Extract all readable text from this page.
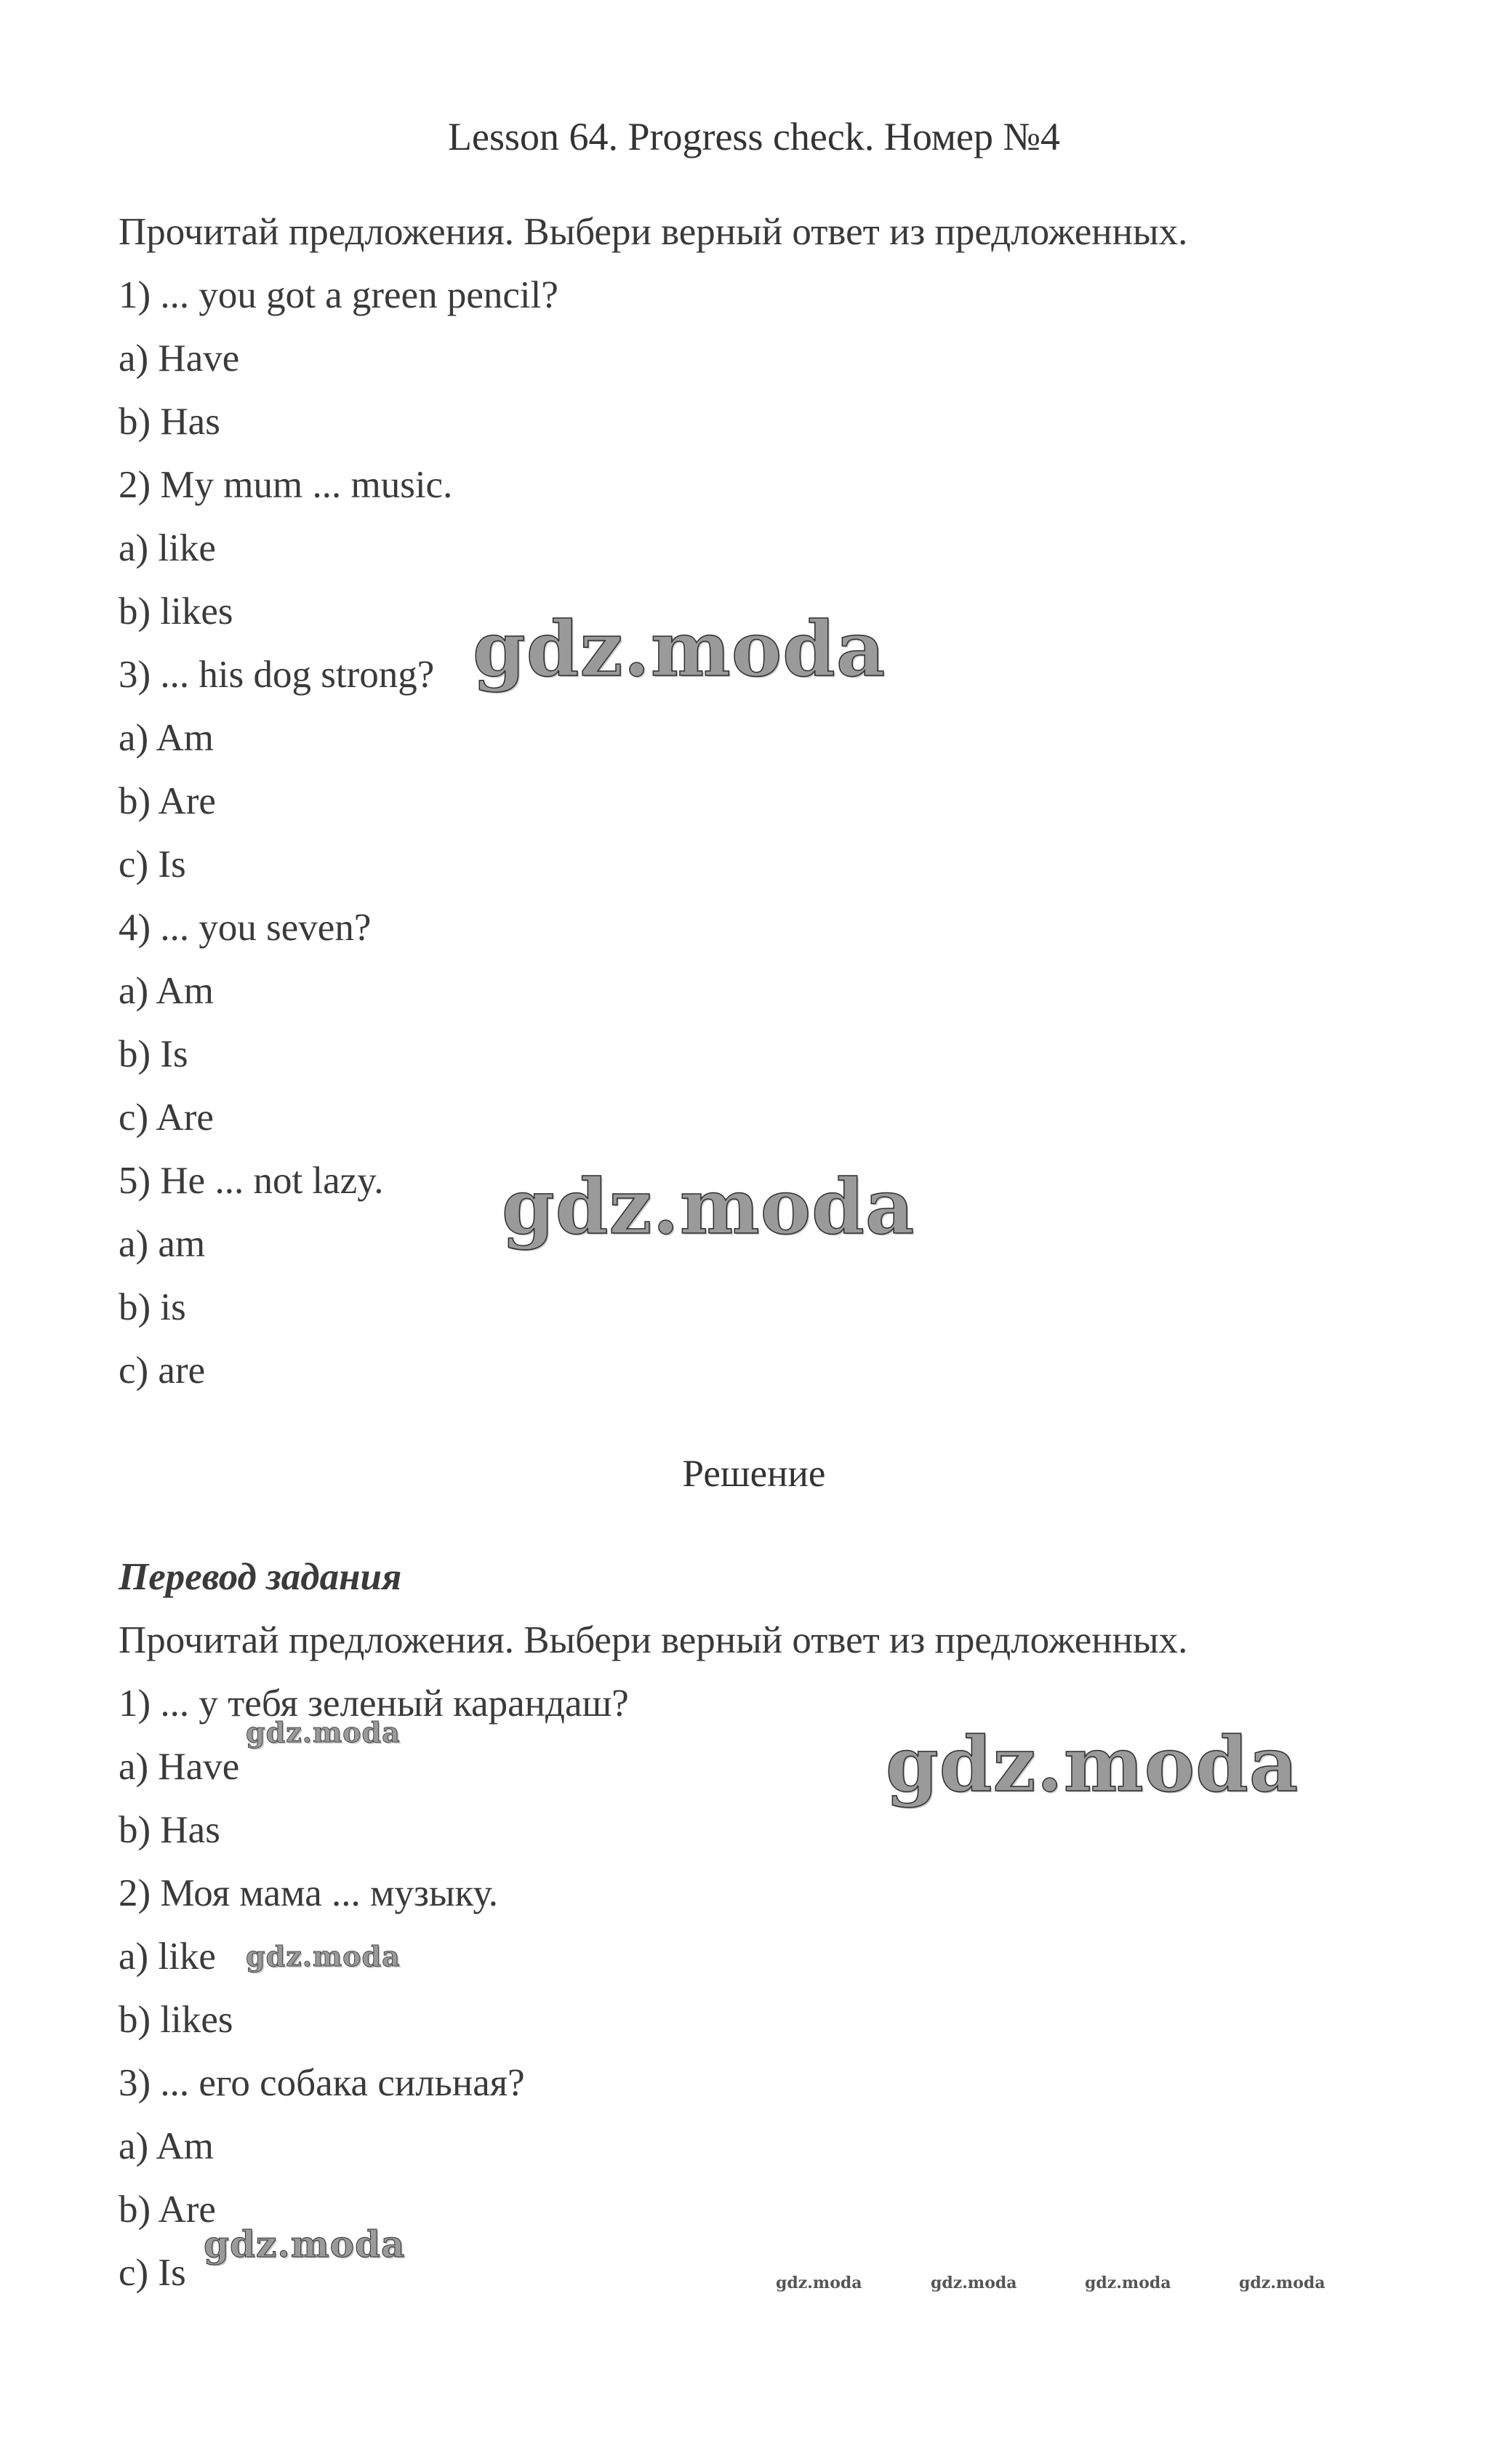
Lesson 64. Progress check. Номер №4
Прочитай предложения. Выбери верный ответ из предложенных.
1) ... you got a green pencil?
a) Have
b) Has
2) My mum ... music.
a) like
b) likes
3) ... his dog strong?
a) Am
b) Are
c) Is
4) ... you seven?
a) Am
b) Is
c) Are
5) He ... not lazy.
a) am
b) is
c) are
Решение
Перевод задания
Прочитай предложения. Выбери верный ответ из предложенных.
1) ... у тебя зеленый карандаш?
a) Have
b) Has
2) Моя мама ... музыку.
a) like
b) likes
3) ... его собака сильная?
a) Am
b) Are
c) Is
gdz.moda
gdz.moda
gdz.moda
gdz.moda
gdz.moda
gdz.moda
gdz.moda	gdz.moda	gdz.moda	gdz.moda
